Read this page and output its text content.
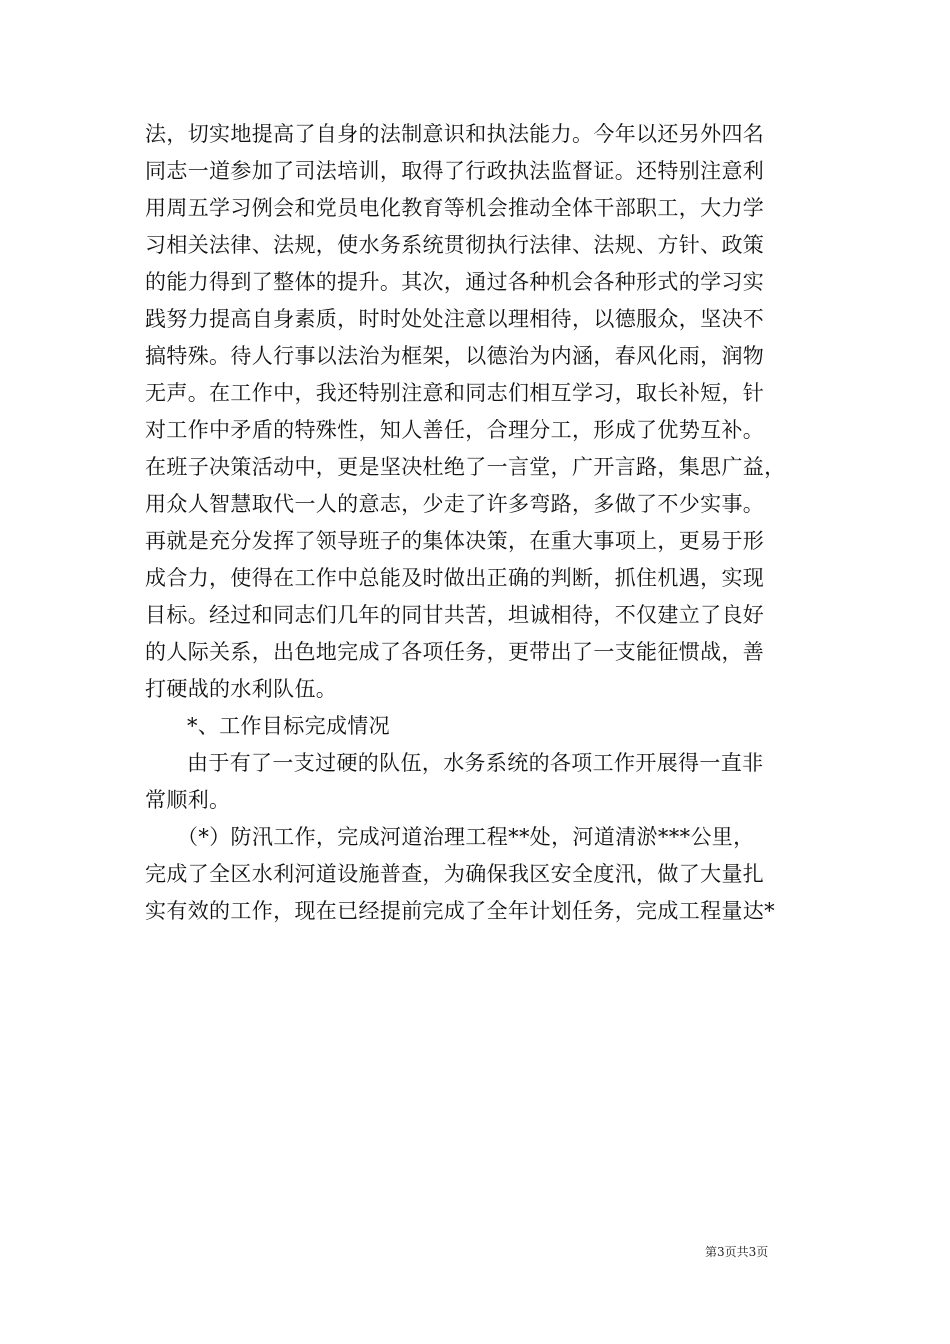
法，切实地提高了自身的法制意识和执法能力。今年以还另外四名
同志一道参加了司法培训，取得了行政执法监督证。还特别注意利
用周五学习例会和党员电化教育等机会推动全体干部职工，大力学
习相关法律、法规，使水务系统贯彻执行法律、法规、方针、政策
的能力得到了整体的提升。其次，通过各种机会各种形式的学习实
践努力提高自身素质，时时处处注意以理相待，以德服众，坚决不
搞特殊。待人行事以法治为框架，以德治为内涵，春风化雨，润物
无声。在工作中，我还特别注意和同志们相互学习，取长补短，针
对工作中矛盾的特殊性，知人善任，合理分工，形成了优势互补。
在班子决策活动中，更是坚决杜绝了一言堂，广开言路，集思广益，
用众人智慧取代一人的意志，少走了许多弯路，多做了不少实事。
再就是充分发挥了领导班子的集体决策，在重大事项上，更易于形
成合力，使得在工作中总能及时做出正确的判断，抓住机遇，实现
目标。经过和同志们几年的同甘共苦，坦诚相待，不仅建立了良好
的人际关系，出色地完成了各项任务，更带出了一支能征惯战，善
打硬战的水利队伍。
*、工作目标完成情况
由于有了一支过硬的队伍，水务系统的各项工作开展得一直非
常顺利。
（*）防汛工作，完成河道治理工程**处，河道清淤***公里，
完成了全区水利河道设施普查，为确保我区安全度汛，做了大量扎
实有效的工作，现在已经提前完成了全年计划任务，完成工程量达*
第3页共3页
